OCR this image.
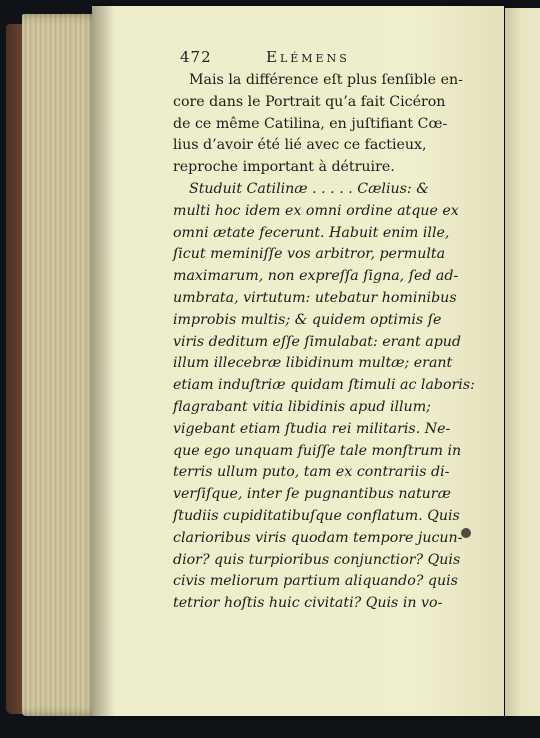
472	Elémens
Mais la différence eſt plus ſenſible en-
core dans le Portrait qu’a fait Cicéron
de ce même Catilina, en juſtifiant Cœ-
lius d’avoir été lié avec ce factieux,
reproche important à détruire.
Studuit Catilinæ . . . . . Cælius: &
multi hoc idem ex omni ordine atque ex
omni ætate fecerunt. Habuit enim ille,
ſicut meminiſſe vos arbitror, permulta
maximarum, non expreſſa ſigna, ſed ad-
umbrata, virtutum: utebatur hominibus
improbis multis; & quidem optimis ſe
viris deditum eſſe ſimulabat: erant apud
illum illecebræ libidinum multæ; erant
etiam induſtriæ quidam ſtimuli ac laboris:
flagrabant vitia libidinis apud illum;
vigebant etiam ſtudia rei militaris. Ne-
que ego unquam fuiſſe tale monſtrum in
terris ullum puto, tam ex contrariis di-
verſiſque, inter ſe pugnantibus naturæ
ſtudiis cupiditatibuſque conflatum. Quis
clarioribus viris quodam tempore jucun-
dior? quis turpioribus conjunctior? Quis
civis meliorum partium aliquando? quis
tetrior hoſtis huic civitati? Quis in vo-
